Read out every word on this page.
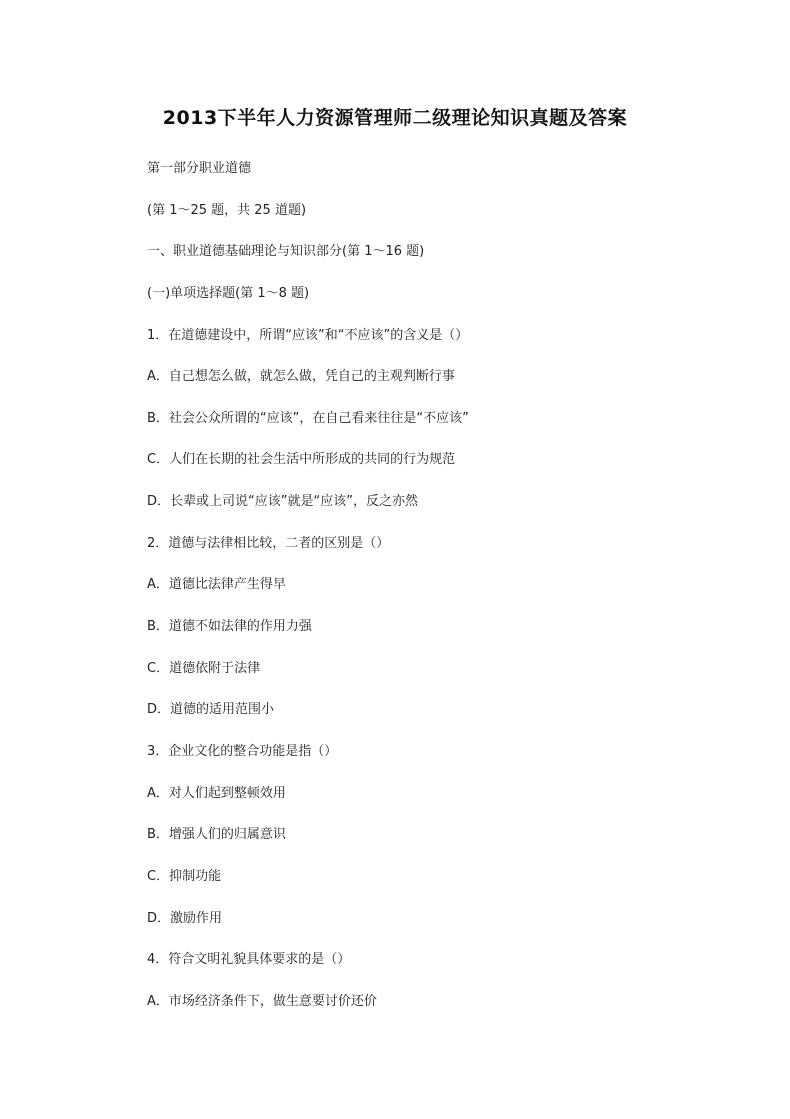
2013下半年人力资源管理师二级理论知识真题及答案
第一部分职业道德
(第 1～25 题，共 25 道题)
一、职业道德基础理论与知识部分(第 1～16 题)
(一)单项选择题(第 1～8 题)
1．在道德建设中，所谓“应该”和“不应该”的含义是（）
A．自己想怎么做，就怎么做，凭自己的主观判断行事
B．社会公众所谓的“应该”，在自己看来往往是“不应该”
C．人们在长期的社会生活中所形成的共同的行为规范
D．长辈或上司说“应该”就是“应该”，反之亦然
2．道德与法律相比较，二者的区别是（）
A．道德比法律产生得早
B．道德不如法律的作用力强
C．道德依附于法律
D．道德的适用范围小
3．企业文化的整合功能是指（）
A．对人们起到整顿效用
B．增强人们的归属意识
C．抑制功能
D．激励作用
4．符合文明礼貌具体要求的是（）
A．市场经济条件下，做生意要讨价还价
